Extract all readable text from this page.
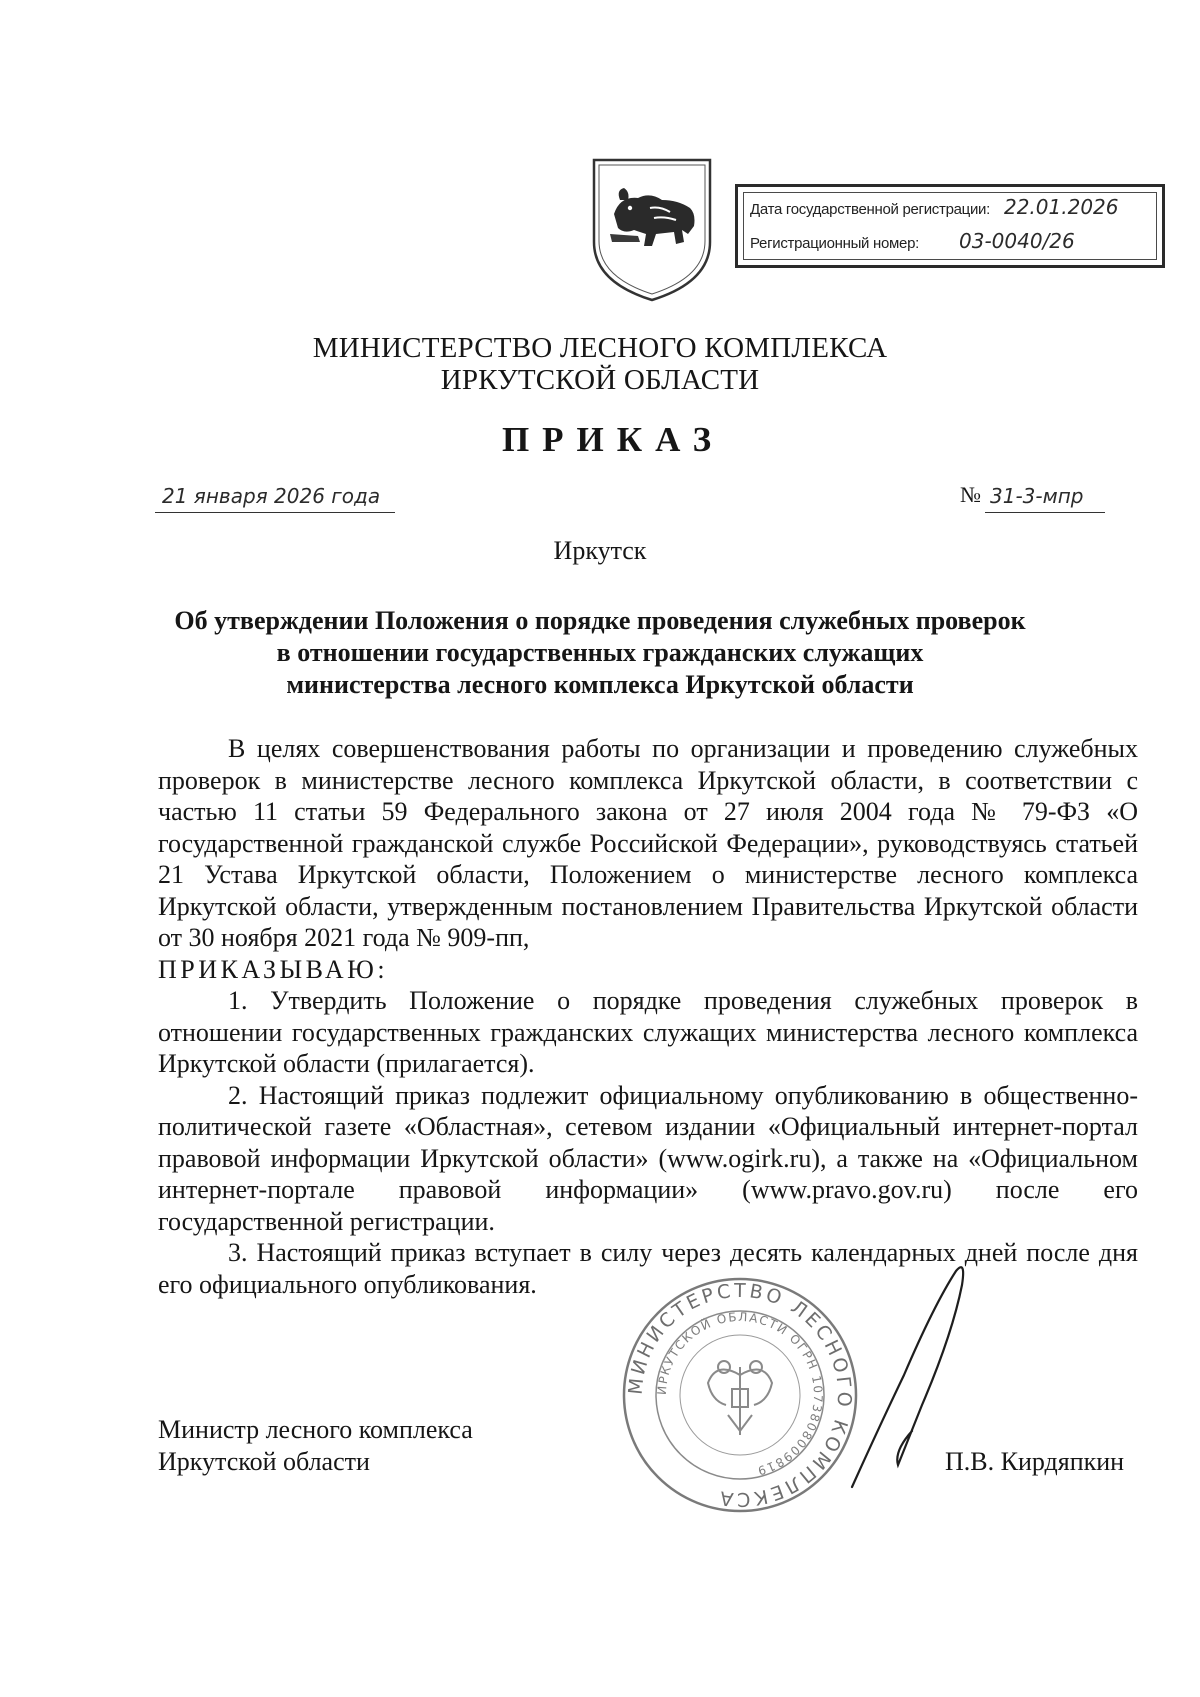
Дата государственной регистрации: 22.01.2026
Регистрационный номер: 03-0040/26
МИНИСТЕРСТВО ЛЕСНОГО КОМПЛЕКСА
ИРКУТСКОЙ ОБЛАСТИ
ПРИКАЗ
21 января 2026 года	№ 31-3-мпр
Иркутск
Об утверждении Положения о порядке проведения служебных проверок
в отношении государственных гражданских служащих
министерства лесного комплекса Иркутской области

В целях совершенствования работы по организации и проведению служебных проверок в министерстве лесного комплекса Иркутской области, в соответствии с частью 11 статьи 59 Федерального закона от 27 июля 2004 года № 79-ФЗ «О государственной гражданской службе Российской Федерации», руководствуясь статьей 21 Устава Иркутской области, Положением о министерстве лесного комплекса Иркутской области, утвержденным постановлением Правительства Иркутской области от 30 ноября 2021 года № 909-пп,

ПРИКАЗЫВАЮ:

1. Утвердить Положение о порядке проведения служебных проверок в отношении государственных гражданских служащих министерства лесного комплекса Иркутской области (прилагается).

2. Настоящий приказ подлежит официальному опубликованию в общественно-политической газете «Областная», сетевом издании «Официальный интернет-портал правовой информации Иркутской области» (www.ogirk.ru), а также на «Официальном интернет-портале правовой информации» (www.pravo.gov.ru) после его государственной регистрации.

3. Настоящий приказ вступает в силу через десять календарных дней после дня его официального опубликования.

МИНИСТЕРСТВО ЛЕСНОГО КОМПЛЕКСА
ИРКУТСКОЙ ОБЛАСТИ ОГРН 1073808009819
Министр лесного комплекса
Иркутской области	П.В. Кирдяпкин
